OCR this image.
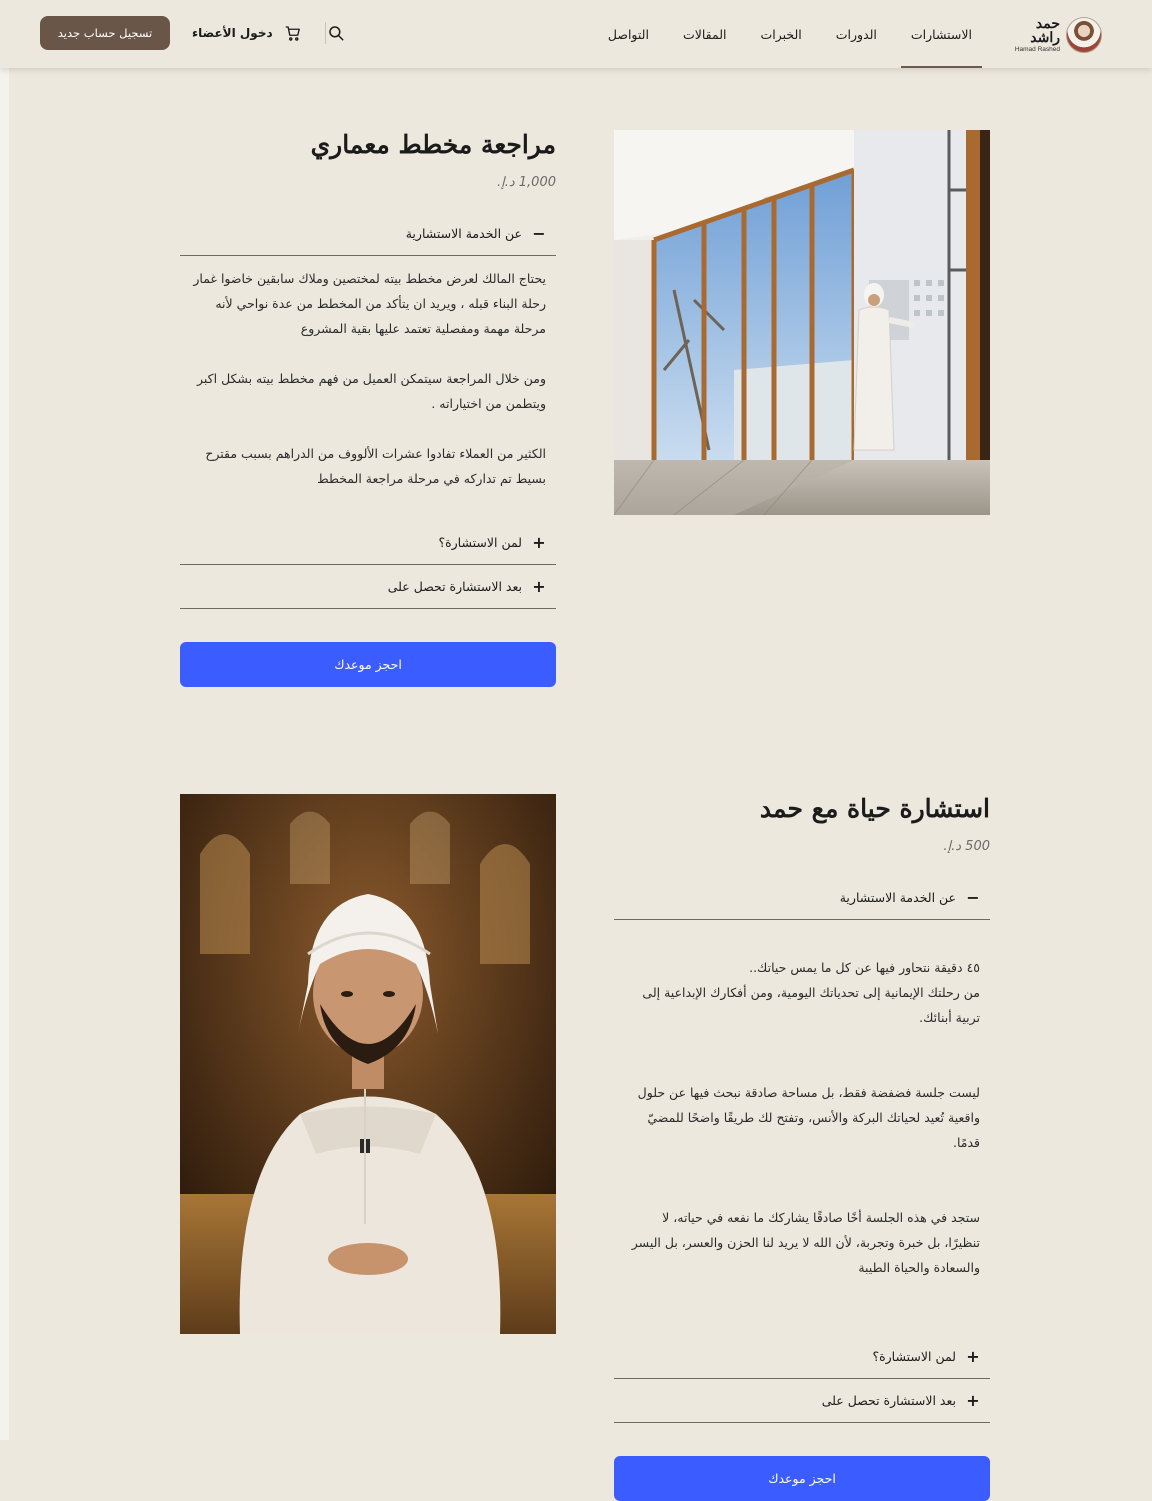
حمد راشد
Hamad Rashed
الاستشارات
الدورات
الخبرات
المقالات
التواصل
تسجيل حساب جديد	دخول الأعضاء
مراجعة مخطط معماري
1,000 د.إ.
−
عن الخدمة الاستشارية

يحتاج المالك لعرض مخطط بيته لمختصين وملاك سابقين خاضوا غمار رحلة البناء قبله ، ويريد ان يتأكد من المخطط من عدة نواحي لأنه مرحلة مهمة ومفصلية تعتمد عليها بقية المشروع

ومن خلال المراجعة سيتمكن العميل من فهم مخطط بيته بشكل اكبر ويتطمن من اختياراته .

الكثير من العملاء تفادوا عشرات الألووف من الدراهم بسبب مقترح بسيط تم تداركه في مرحلة مراجعة المخطط

+
لمن الاستشارة؟
+
بعد الاستشارة تحصل على
احجز موعدك
استشارة حياة مع حمد
500 د.إ.
−
عن الخدمة الاستشارية

٤٥ دقيقة نتحاور فيها عن كل ما يمس حياتك..
من رحلتك الإيمانية إلى تحدياتك اليومية، ومن أفكارك الإبداعية إلى تربية أبنائك.

ليست جلسة فضفضة فقط، بل مساحة صادقة نبحث فيها عن حلول واقعية تُعيد لحياتك البركة والأنس، وتفتح لك طريقًا واضحًا للمضيّ قدمًا.

ستجد في هذه الجلسة أخًا صادقًا يشاركك ما نفعه في حياته، لا تنظيرًا، بل خبرة وتجربة، لأن الله لا يريد لنا الحزن والعسر، بل اليسر والسعادة والحياة الطيبة

+
لمن الاستشارة؟
+
بعد الاستشارة تحصل على
احجز موعدك
